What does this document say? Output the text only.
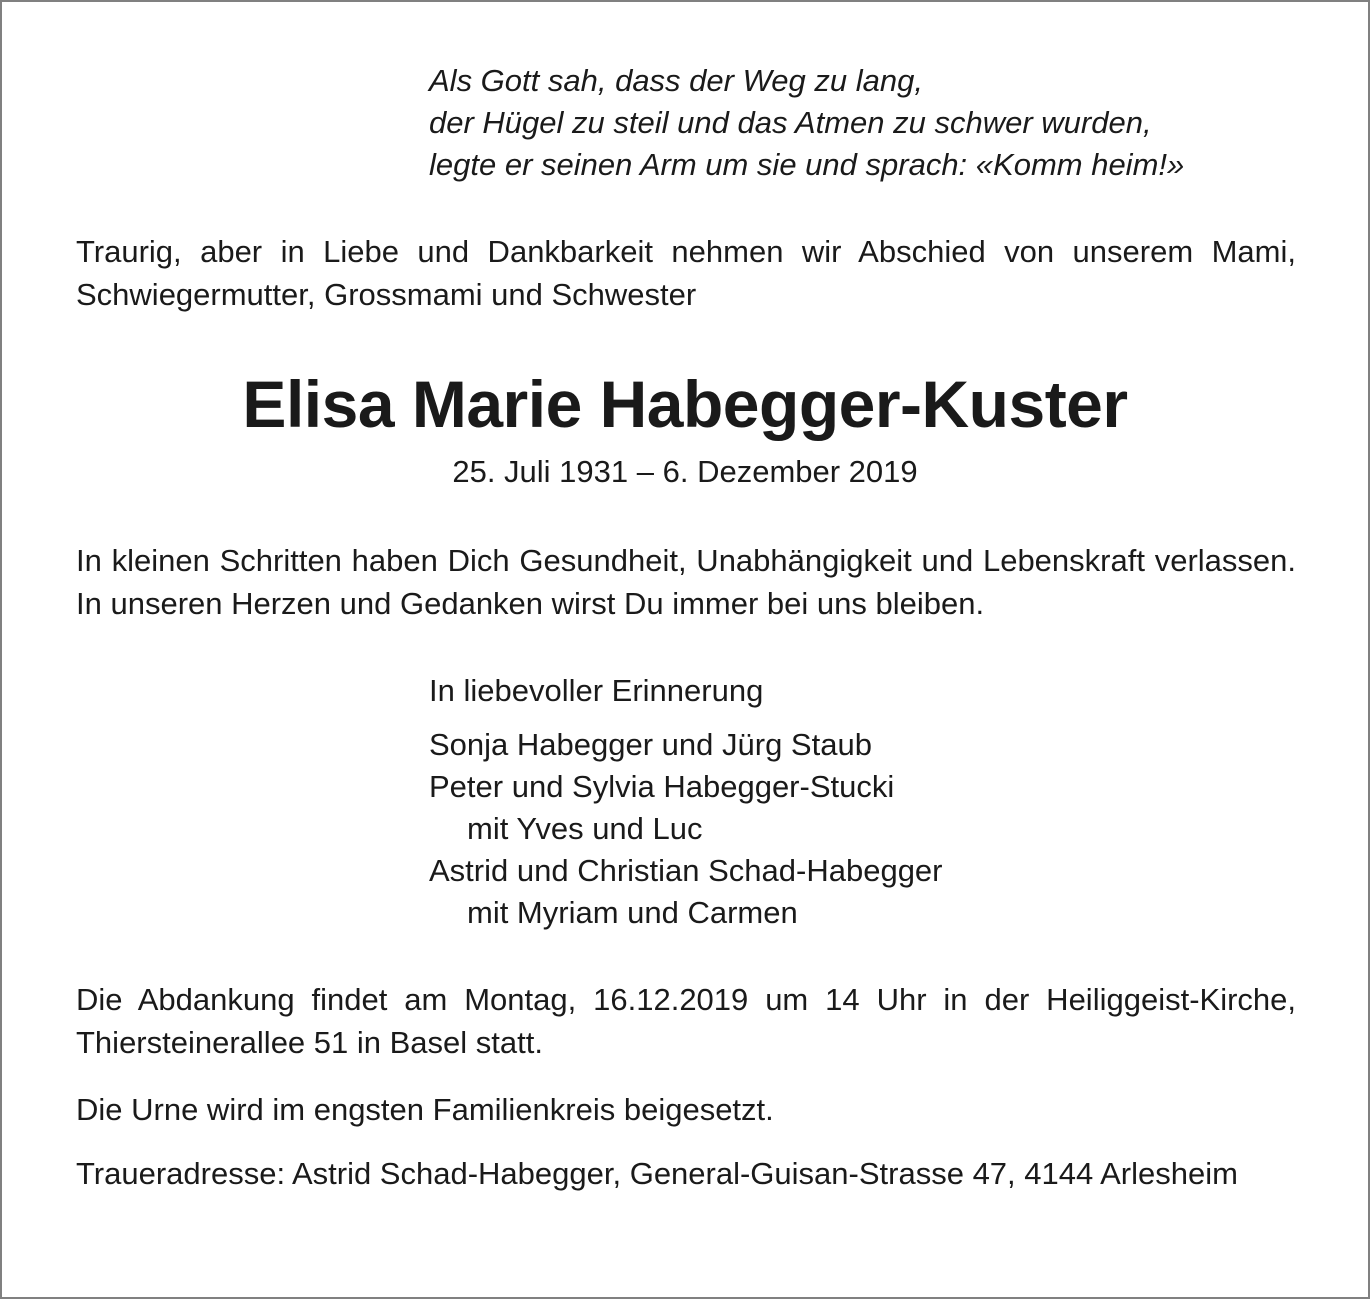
Als Gott sah, dass der Weg zu lang,
der Hügel zu steil und das Atmen zu schwer wurden,
legte er seinen Arm um sie und sprach: «Komm heim!»
Traurig, aber in Liebe und Dankbarkeit nehmen wir Abschied von unserem Mami, Schwiegermutter, Grossmami und Schwester
Elisa Marie Habegger-Kuster
25. Juli 1931 – 6. Dezember 2019
In kleinen Schritten haben Dich Gesundheit, Unabhängigkeit und Lebenskraft verlassen. In unseren Herzen und Gedanken wirst Du immer bei uns bleiben.
In liebevoller Erinnerung
Sonja Habegger und Jürg Staub
Peter und Sylvia Habegger-Stucki
mit Yves und Luc
Astrid und Christian Schad-Habegger
mit Myriam und Carmen
Die Abdankung findet am Montag, 16.12.2019 um 14 Uhr in der Heiliggeist-Kirche, Thiersteinerallee 51 in Basel statt.
Die Urne wird im engsten Familienkreis beigesetzt.
Traueradresse: Astrid Schad-Habegger, General-Guisan-Strasse 47, 4144 Arlesheim
